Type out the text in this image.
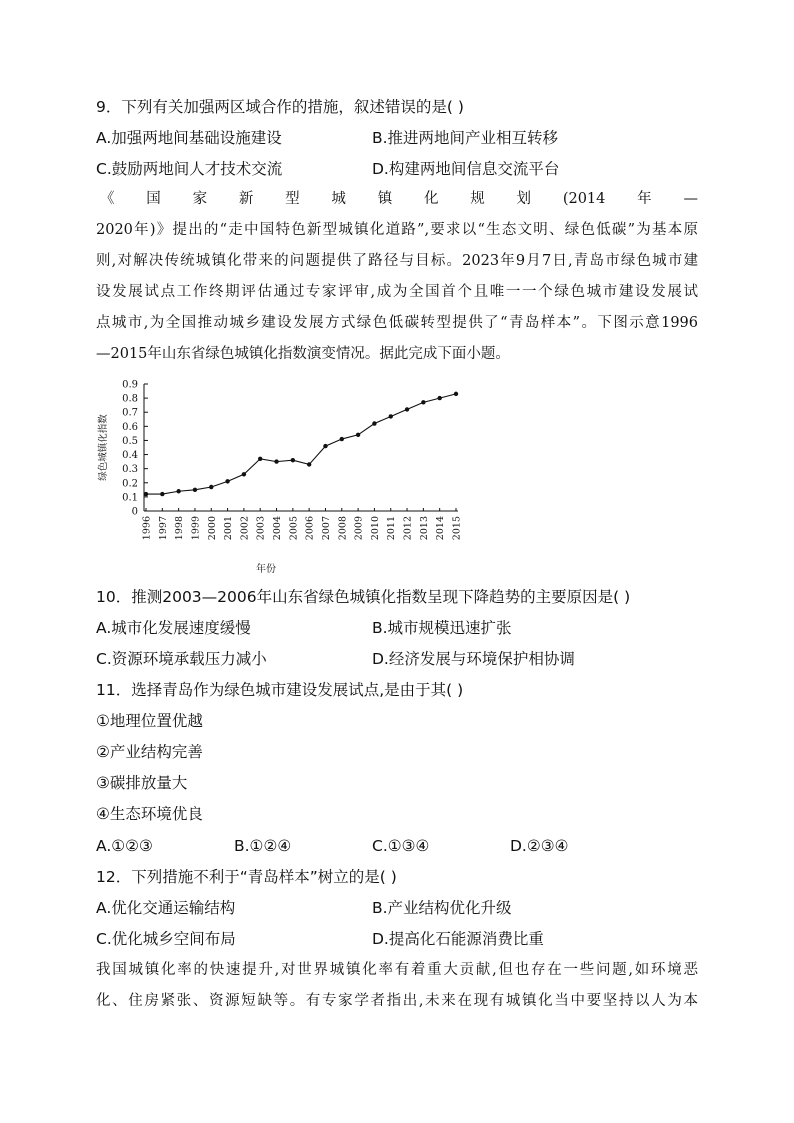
9．下列有关加强两区域合作的措施，叙述错误的是( )
A.加强两地间基础设施建设	B.推进两地间产业相互转移
C.鼓励两地间人才技术交流	D.构建两地间信息交流平台
《 国 家 新 型 城 镇 化 规 划 (2014 年 —
2020年)》提出的“走中国特色新型城镇化道路”,要求以“生态文明、绿色低碳”为基本原
则,对解决传统城镇化带来的问题提供了路径与目标。2023年9月7日,青岛市绿色城市建
设发展试点工作终期评估通过专家评审,成为全国首个且唯一一个绿色城市建设发展试
点城市,为全国推动城乡建设发展方式绿色低碳转型提供了“青岛样本”。下图示意1996
—2015年山东省绿色城镇化指数演变情况。据此完成下面小题。
0
0.1
0.2
0.3
0.4
0.5
0.6
0.7
0.8
0.9
绿色城镇化指数
1996 1997 1998 1999 2000 2001 2002 2003 2004 2005 2006 2007 2008 2009 2010 2011 2012 2013 2014 2015
年份
10．推测2003—2006年山东省绿色城镇化指数呈现下降趋势的主要原因是( )
A.城市化发展速度缓慢	B.城市规模迅速扩张
C.资源环境承载压力减小	D.经济发展与环境保护相协调
11．选择青岛作为绿色城市建设发展试点,是由于其( )
①地理位置优越
②产业结构完善
③碳排放量大
④生态环境优良
A.①②③	B.①②④	C.①③④	D.②③④
12．下列措施不利于“青岛样本”树立的是( )
A.优化交通运输结构	B.产业结构优化升级
C.优化城乡空间布局	D.提高化石能源消费比重
我国城镇化率的快速提升,对世界城镇化率有着重大贡献,但也存在一些问题,如环境恶
化、住房紧张、资源短缺等。有专家学者指出,未来在现有城镇化当中要坚持以人为本
